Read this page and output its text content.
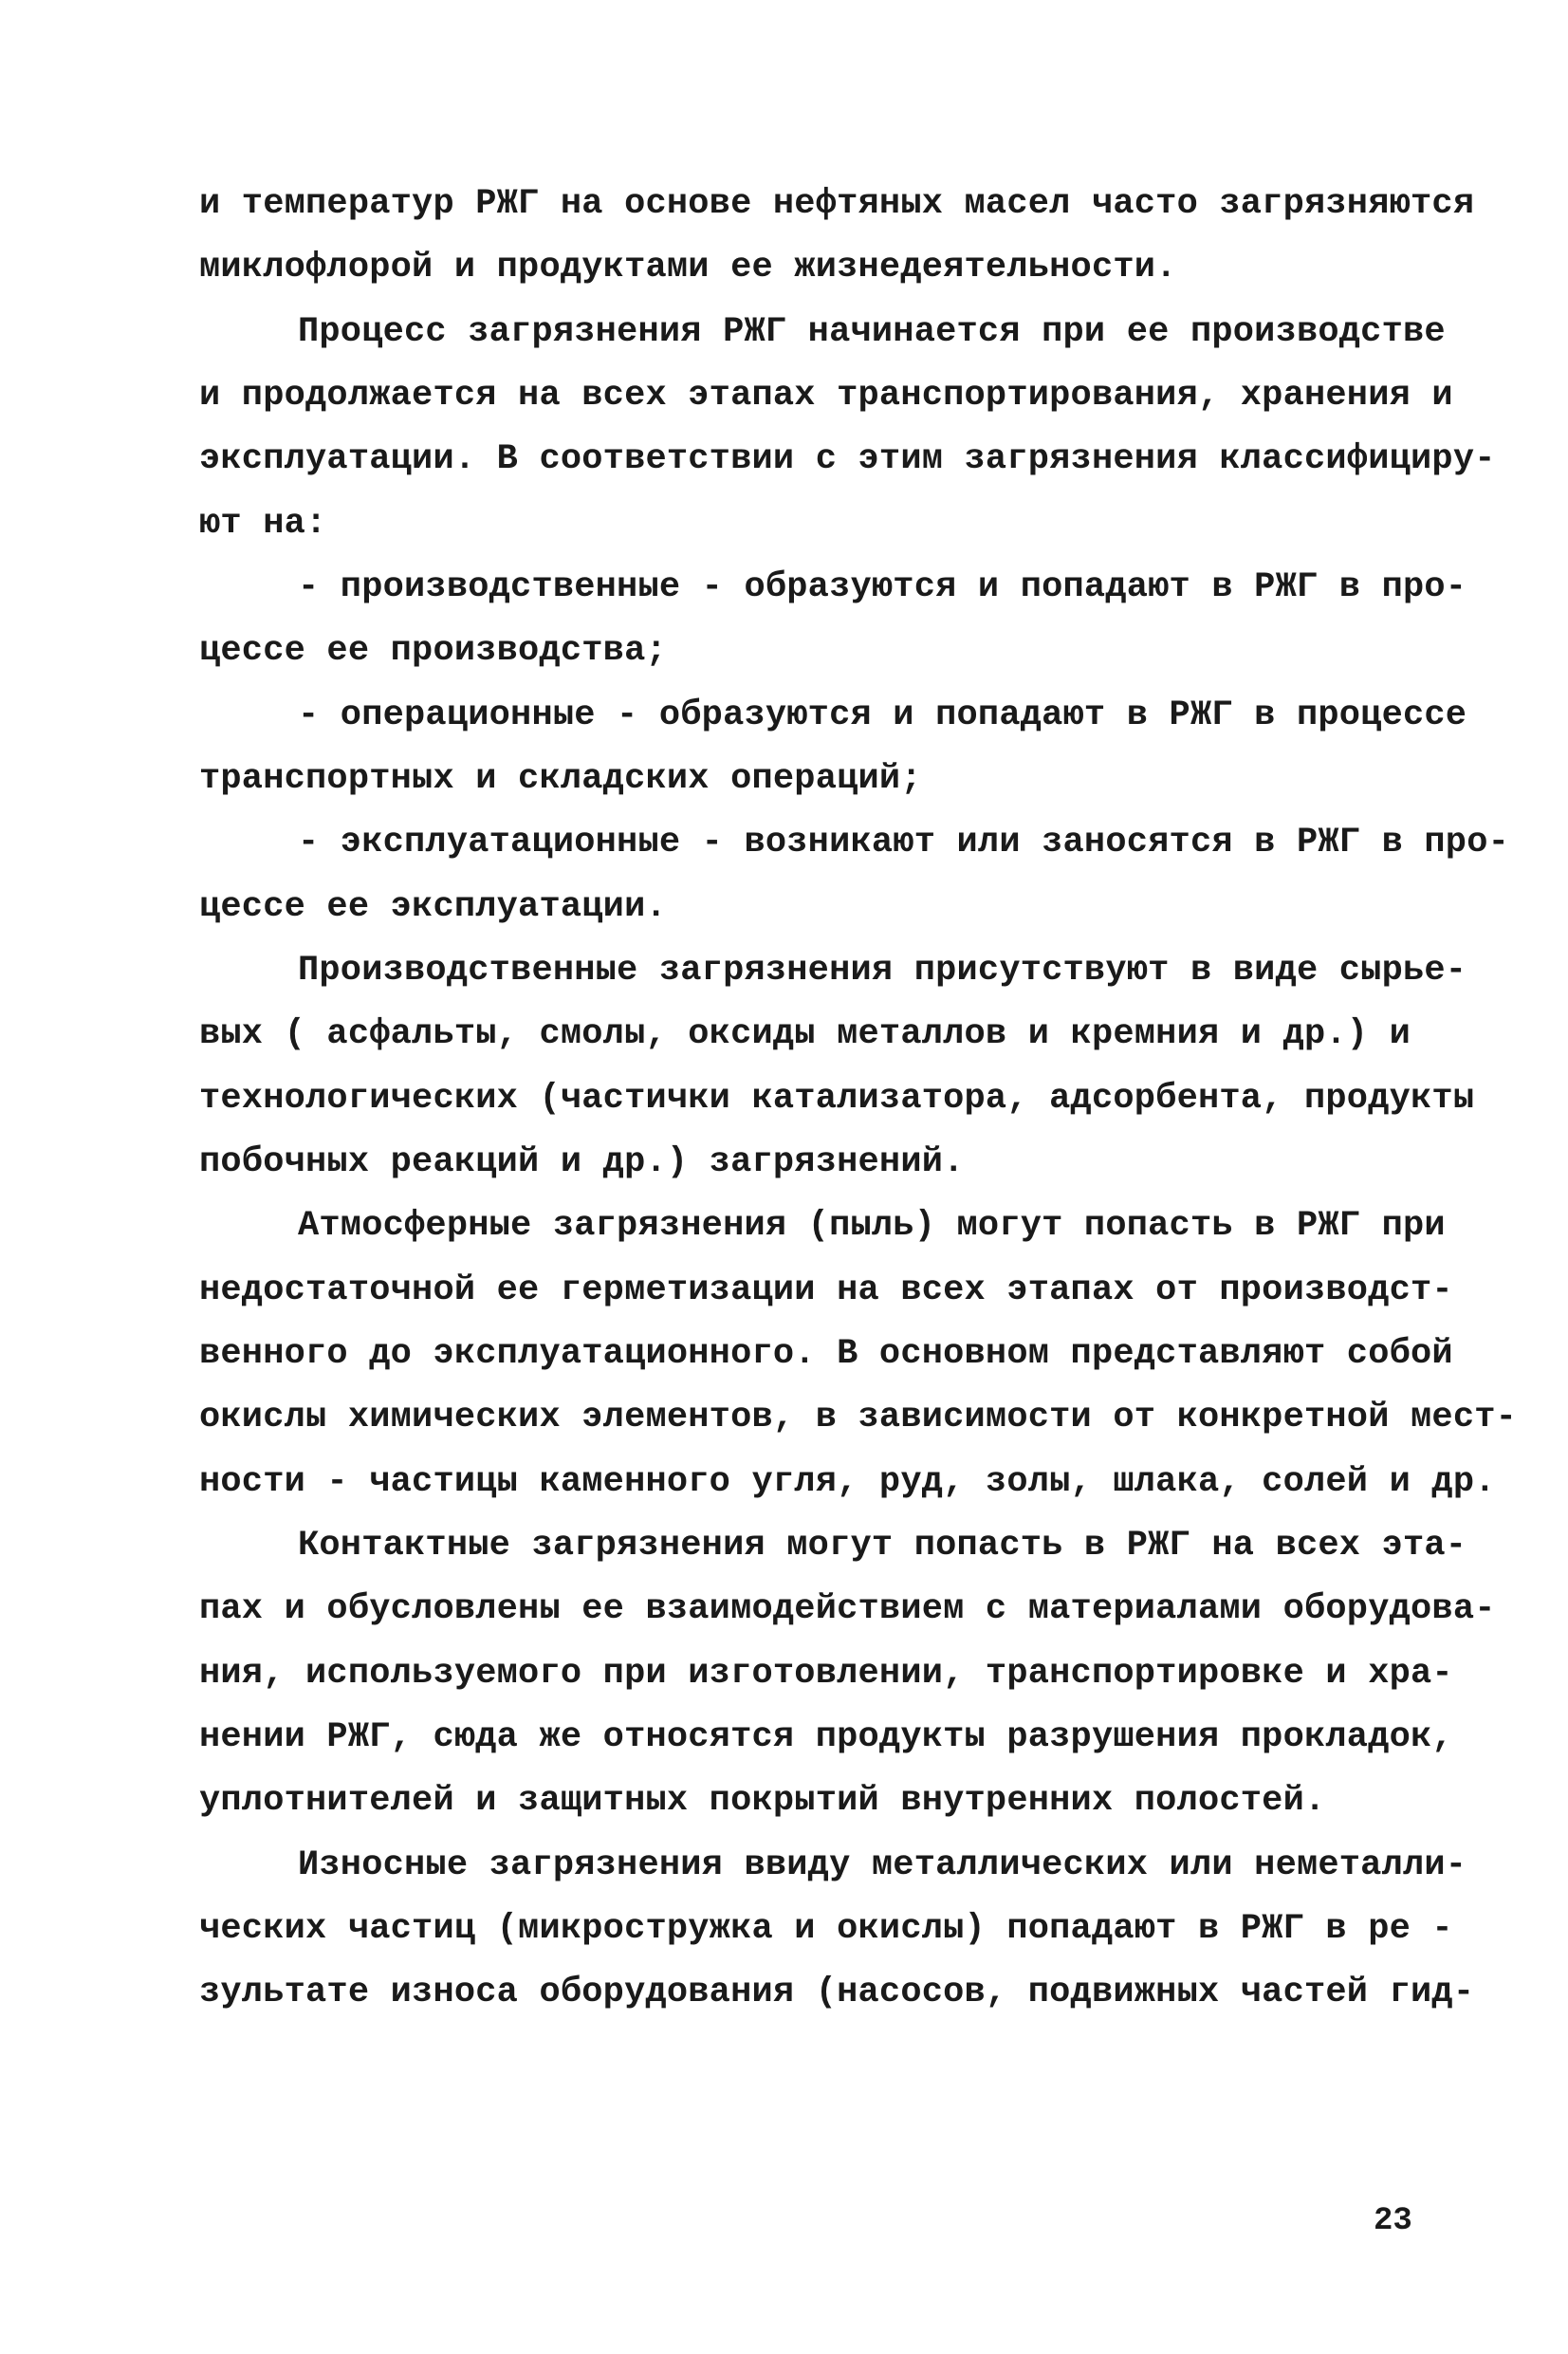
и температур РЖГ на основе нефтяных масел часто загрязняются
миклофлорой и продуктами ее жизнедеятельности.
Процесс загрязнения РЖГ начинается при ее производстве
и продолжается на всех этапах транспортирования, хранения и
эксплуатации. В соответствии с этим загрязнения классифициру-
ют на:
- производственные - образуются и попадают в РЖГ в про-
цессе ее производства;
- операционные - образуются и попадают в РЖГ в процессе
транспортных и складских операций;
- эксплуатационные - возникают или заносятся в РЖГ в про-
цессе ее эксплуатации.
Производственные загрязнения присутствуют в виде сырье-
вых ( асфальты, смолы, оксиды металлов и кремния и др.) и
технологических (частички катализатора, адсорбента, продукты
побочных реакций и др.) загрязнений.
Атмосферные загрязнения (пыль) могут попасть в РЖГ при
недостаточной ее герметизации на всех этапах от производст-
венного до эксплуатационного. В основном представляют собой
окислы химических элементов, в зависимости от конкретной мест-
ности - частицы каменного угля, руд, золы, шлака, солей и др.
Контактные загрязнения могут попасть в РЖГ на всех эта-
пах и обусловлены ее взаимодействием с материалами оборудова-
ния, используемого при изготовлении, транспортировке и хра-
нении РЖГ, сюда же относятся продукты разрушения прокладок,
уплотнителей и защитных покрытий внутренних полостей.
Износные загрязнения ввиду металлических или неметалли-
ческих частиц (микростружка и окислы) попадают в РЖГ в ре -
зультате износа оборудования (насосов, подвижных частей гид-
23
